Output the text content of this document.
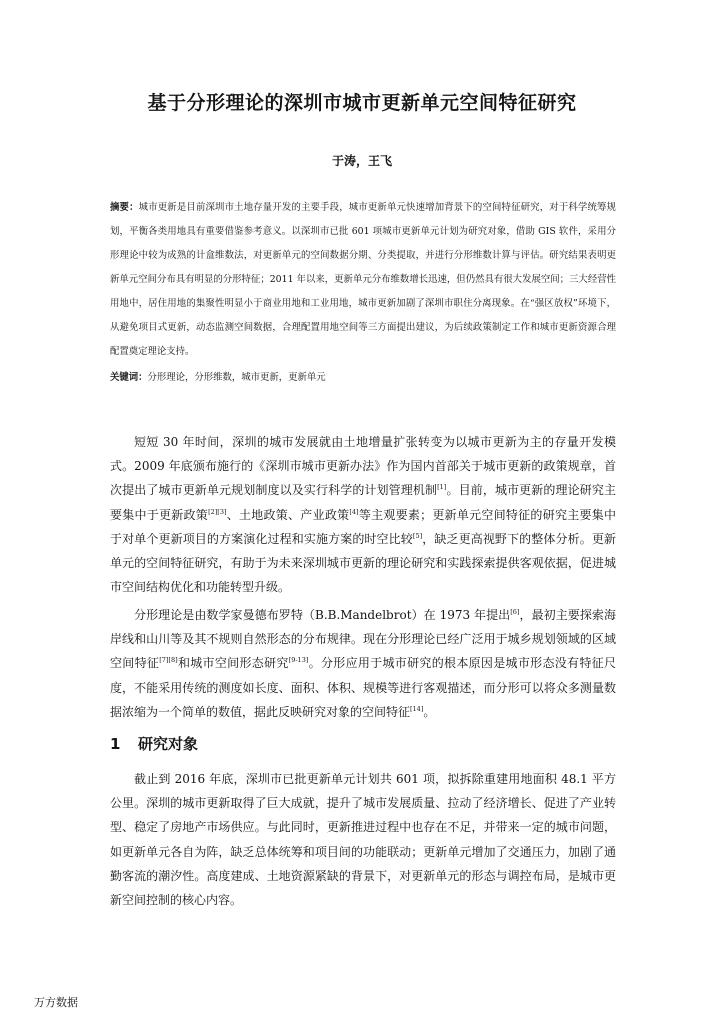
基于分形理论的深圳市城市更新单元空间特征研究
于涛，王飞
摘要：城市更新是目前深圳市土地存量开发的主要手段，城市更新单元快速增加背景下的空间特征研究，对于科学统筹规划，平衡各类用地具有重要借鉴参考意义。以深圳市已批 601 项城市更新单元计划为研究对象，借助 GIS 软件，采用分形理论中较为成熟的计盒维数法，对更新单元的空间数据分期、分类提取，并进行分形维数计算与评估。研究结果表明更新单元空间分布具有明显的分形特征；2011 年以来，更新单元分布维数增长迅速，但仍然具有很大发展空间；三大经营性用地中，居住用地的集聚性明显小于商业用地和工业用地，城市更新加剧了深圳市职住分离现象。在“强区放权”环境下，从避免项目式更新，动态监测空间数据，合理配置用地空间等三方面提出建议，为后续政策制定工作和城市更新资源合理配置奠定理论支持。
关键词：分形理论，分形维数，城市更新，更新单元
短短 30 年时间，深圳的城市发展就由土地增量扩张转变为以城市更新为主的存量开发模式。2009 年底颁布施行的《深圳市城市更新办法》作为国内首部关于城市更新的政策规章，首次提出了城市更新单元规划制度以及实行科学的计划管理机制[1]。目前，城市更新的理论研究主要集中于更新政策[2][3]、土地政策、产业政策[4]等主观要素；更新单元空间特征的研究主要集中于对单个更新项目的方案演化过程和实施方案的时空比较[5]，缺乏更高视野下的整体分析。更新单元的空间特征研究，有助于为未来深圳城市更新的理论研究和实践探索提供客观依据，促进城市空间结构优化和功能转型升级。
分形理论是由数学家曼德布罗特（B.B.Mandelbrot）在 1973 年提出[6]，最初主要探索海岸线和山川等及其不规则自然形态的分布规律。现在分形理论已经广泛用于城乡规划领域的区域空间特征[7][8]和城市空间形态研究[9-13]。分形应用于城市研究的根本原因是城市形态没有特征尺度，不能采用传统的测度如长度、面积、体积、规模等进行客观描述，而分形可以将众多测量数据浓缩为一个简单的数值，据此反映研究对象的空间特征[14]。
1 研究对象
截止到 2016 年底，深圳市已批更新单元计划共 601 项，拟拆除重建用地面积 48.1 平方公里。深圳的城市更新取得了巨大成就，提升了城市发展质量、拉动了经济增长、促进了产业转型、稳定了房地产市场供应。与此同时，更新推进过程中也存在不足，并带来一定的城市问题，如更新单元各自为阵，缺乏总体统筹和项目间的功能联动；更新单元增加了交通压力，加剧了通勤客流的潮汐性。高度建成、土地资源紧缺的背景下，对更新单元的形态与调控布局，是城市更新空间控制的核心内容。
万方数据
